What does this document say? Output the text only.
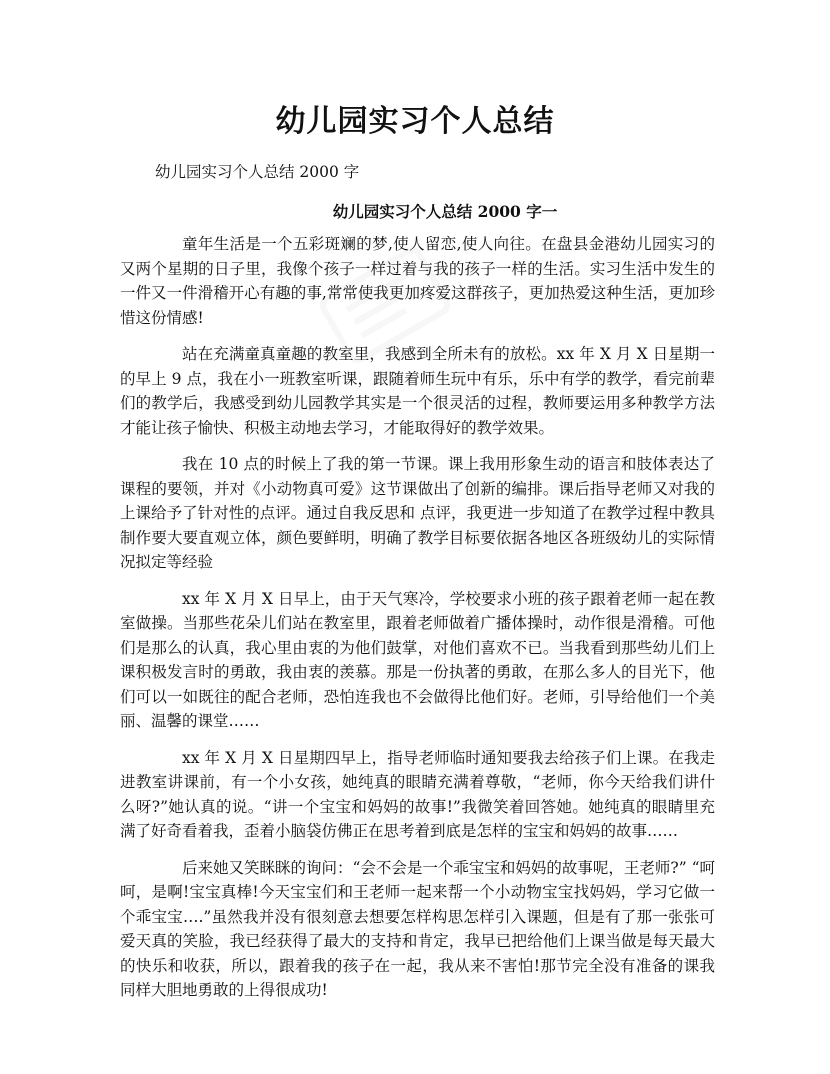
幼儿园实习个人总结

幼儿园实习个人总结 2000 字

幼儿园实习个人总结 2000 字一

童年生活是一个五彩斑斓的梦,使人留恋,使人向往。在盘县金港幼儿园实习的又两个星期的日子里，我像个孩子一样过着与我的孩子一样的生活。实习生活中发生的一件又一件滑稽开心有趣的事,常常使我更加疼爱这群孩子，更加热爱这种生活，更加珍惜这份情感!

站在充满童真童趣的教室里，我感到全所未有的放松。xx 年 X 月 X 日星期一的早上 9 点，我在小一班教室听课，跟随着师生玩中有乐，乐中有学的教学，看完前辈们的教学后，我感受到幼儿园教学其实是一个很灵活的过程，教师要运用多种教学方法才能让孩子愉快、积极主动地去学习，才能取得好的教学效果。

我在 10 点的时候上了我的第一节课。课上我用形象生动的语言和肢体表达了课程的要领，并对《小动物真可爱》这节课做出了创新的编排。课后指导老师又对我的上课给予了针对性的点评。通过自我反思和 点评，我更进一步知道了在教学过程中教具制作要大要直观立体，颜色要鲜明，明确了教学目标要依据各地区各班级幼儿的实际情况拟定等经验

xx 年 X 月 X 日早上，由于天气寒冷，学校要求小班的孩子跟着老师一起在教室做操。当那些花朵儿们站在教室里，跟着老师做着广播体操时，动作很是滑稽。可他们是那么的认真，我心里由衷的为他们鼓掌，对他们喜欢不已。当我看到那些幼儿们上课积极发言时的勇敢，我由衷的羡慕。那是一份执著的勇敢，在那么多人的目光下，他们可以一如既往的配合老师，恐怕连我也不会做得比他们好。老师，引导给他们一个美丽、温馨的课堂……

xx 年 X 月 X 日星期四早上，指导老师临时通知要我去给孩子们上课。在我走进教室讲课前，有一个小女孩，她纯真的眼睛充满着尊敬，“老师，你今天给我们讲什么呀?”她认真的说。“讲一个宝宝和妈妈的故事!”我微笑着回答她。她纯真的眼睛里充满了好奇看着我，歪着小脑袋仿佛正在思考着到底是怎样的宝宝和妈妈的故事……

后来她又笑眯眯的询问：“会不会是一个乖宝宝和妈妈的故事呢，王老师?” “呵呵，是啊!宝宝真棒!今天宝宝们和王老师一起来帮一个小动物宝宝找妈妈，学习它做一个乖宝宝….”虽然我并没有很刻意去想要怎样构思怎样引入课题，但是有了那一张张可爱天真的笑脸，我已经获得了最大的支持和肯定，我早已把给他们上课当做是每天最大的快乐和收获，所以，跟着我的孩子在一起，我从来不害怕!那节完全没有准备的课我同样大胆地勇敢的上得很成功!
